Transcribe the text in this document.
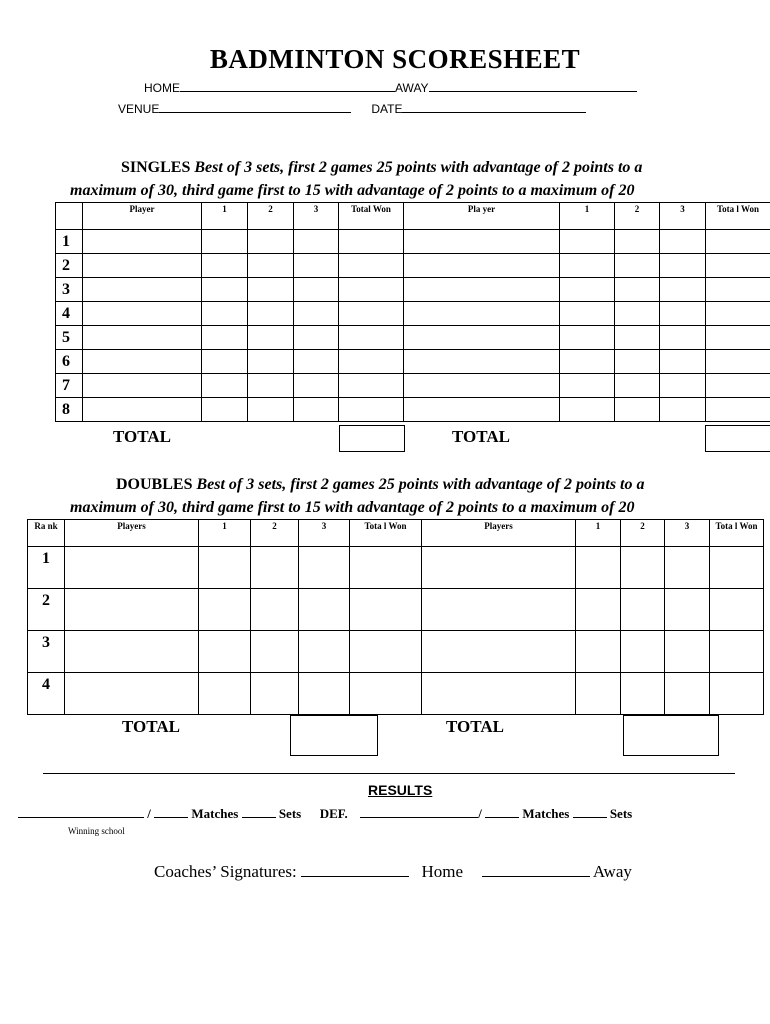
BADMINTON SCORESHEET
HOME	AWAY
VENUE	DATE
SINGLES Best of 3 sets, first 2 games 25 points with advantage of 2 points to a
maximum of 30, third game first to 15 with advantage of 2 points to a maximum of 20
	Player	1	2	3	Total Won	Pla yer	1	2	3	Tota l Won
1										
2										
3										
4										
5										
6										
7										
8										
TOTAL	TOTAL
DOUBLES Best of 3 sets, first 2 games 25 points with advantage of 2 points to a
maximum of 30, third game first to 15 with advantage of 2 points to a maximum of 20
Ra nk	Players	1	2	3	Tota l Won	Players	1	2	3	Tota l Won
1										
2										
3										
4										
TOTAL	TOTAL
RESULTS
/	Matches	Sets DEF.	/	Matches	Sets
Winning school
Coaches’ Signatures:	Home	Away
